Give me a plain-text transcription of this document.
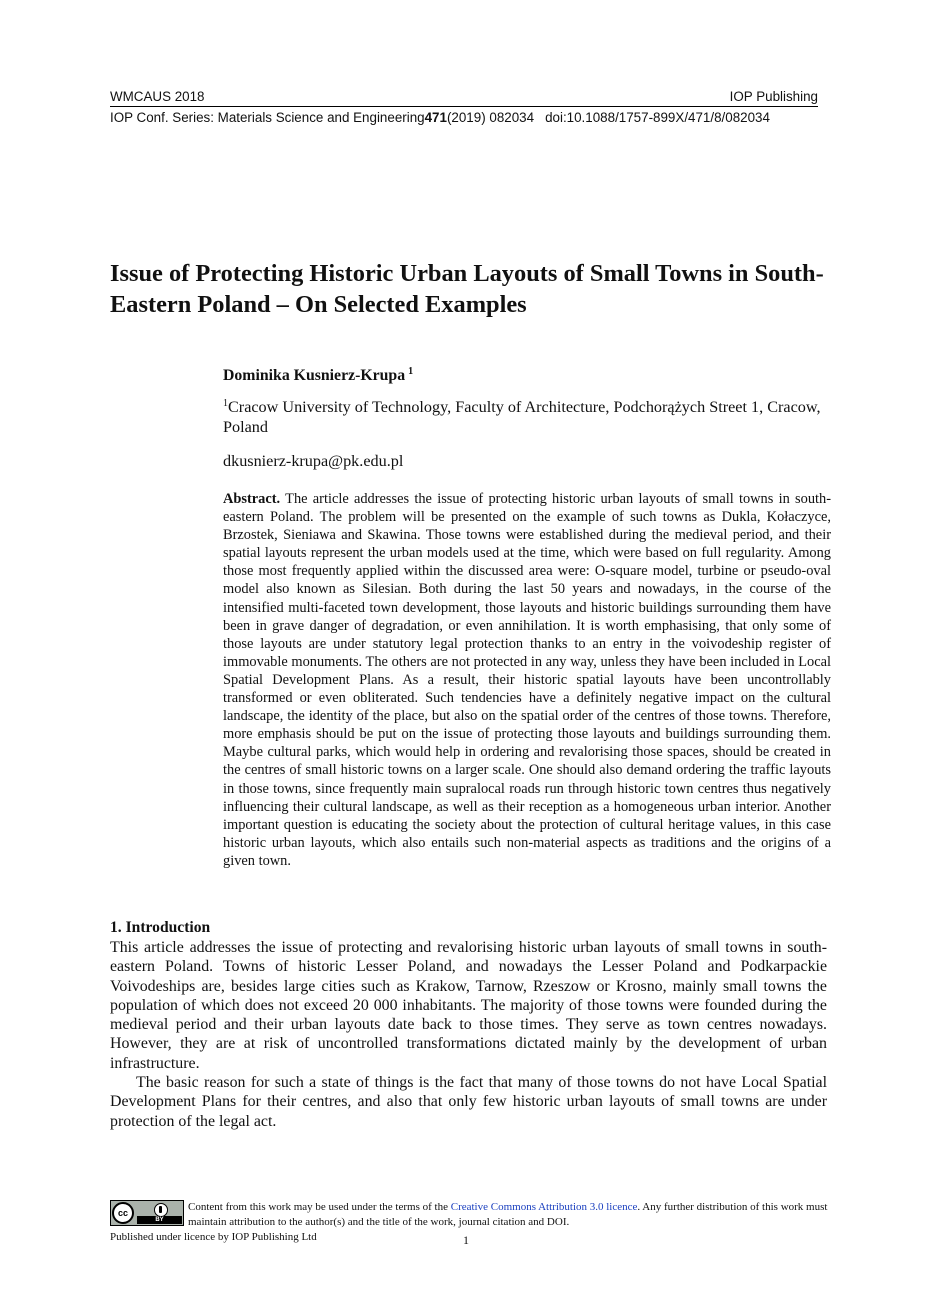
WMCAUS 2018	IOP Publishing
IOP Conf. Series: Materials Science and Engineering 471 (2019) 082034 doi:10.1088/1757-899X/471/8/082034
Issue of Protecting Historic Urban Layouts of Small Towns in South-Eastern Poland – On Selected Examples
Dominika Kusnierz-Krupa $^1$
$^1$Cracow University of Technology, Faculty of Architecture, Podchorążych Street 1, Cracow, Poland
dkusnierz-krupa@pk.edu.pl

Abstract. The article addresses the issue of protecting historic urban layouts of small towns in south-eastern Poland. The problem will be presented on the example of such towns as Dukla, Kołaczyce, Brzostek, Sieniawa and Skawina. Those towns were established during the medieval period, and their spatial layouts represent the urban models used at the time, which were based on full regularity. Among those most frequently applied within the discussed area were: O-square model, turbine or pseudo-oval model also known as Silesian. Both during the last 50 years and nowadays, in the course of the intensified multi-faceted town development, those layouts and historic buildings surrounding them have been in grave danger of degradation, or even annihilation. It is worth emphasising, that only some of those layouts are under statutory legal protection thanks to an entry in the voivodeship register of immovable monuments. The others are not protected in any way, unless they have been included in Local Spatial Development Plans. As a result, their historic spatial layouts have been uncontrollably transformed or even obliterated. Such tendencies have a definitely negative impact on the cultural landscape, the identity of the place, but also on the spatial order of the centres of those towns. Therefore, more emphasis should be put on the issue of protecting those layouts and buildings surrounding them. Maybe cultural parks, which would help in ordering and revalorising those spaces, should be created in the centres of small historic towns on a larger scale. One should also demand ordering the traffic layouts in those towns, since frequently main supralocal roads run through historic town centres thus negatively influencing their cultural landscape, as well as their reception as a homogeneous urban interior. Another important question is educating the society about the protection of cultural heritage values, in this case historic urban layouts, which also entails such non-material aspects as traditions and the origins of a given town.

1. Introduction

This article addresses the issue of protecting and revalorising historic urban layouts of small towns in south-eastern Poland. Towns of historic Lesser Poland, and nowadays the Lesser Poland and Podkarpackie Voivodeships are, besides large cities such as Krakow, Tarnow, Rzeszow or Krosno, mainly small towns the population of which does not exceed 20 000 inhabitants. The majority of those towns were founded during the medieval period and their urban layouts date back to those times. They serve as town centres nowadays. However, they are at risk of uncontrolled transformations dictated mainly by the development of urban infrastructure.

The basic reason for such a state of things is the fact that many of those towns do not have Local Spatial Development Plans for their centres, and also that only few historic urban layouts of small towns are under protection of the legal act.

cc
BY
Content from this work may be used under the terms of the Creative Commons Attribution 3.0 licence. Any further distribution of this work must maintain attribution to the author(s) and the title of the work, journal citation and DOI.
Published under licence by IOP Publishing Ltd	1
